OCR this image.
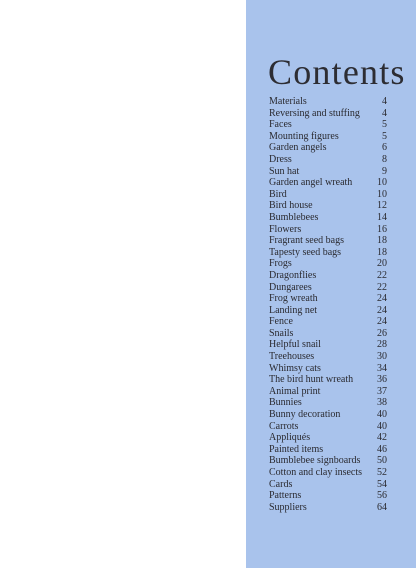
Contents
Materials	4
Reversing and stuffing 4
Faces	5
Mounting figures	5
Garden angels	6
Dress	8
Sun hat	9
Garden angel wreath 10
Bird	10
Bird house	12
Bumblebees	14
Flowers	16
Fragrant seed bags	18
Tapesty seed bags	18
Frogs	20
Dragonflies	22
Dungarees	22
Frog wreath	24
Landing net	24
Fence	24
Snails	26
Helpful snail	28
Treehouses	30
Whimsy cats	34
The bird hunt wreath 36
Animal print	37
Bunnies	38
Bunny decoration	40
Carrots	40
Appliqués	42
Painted items	46
Bumblebee signboards 50
Cotton and clay insects 52
Cards	54
Patterns	56
Suppliers	64
